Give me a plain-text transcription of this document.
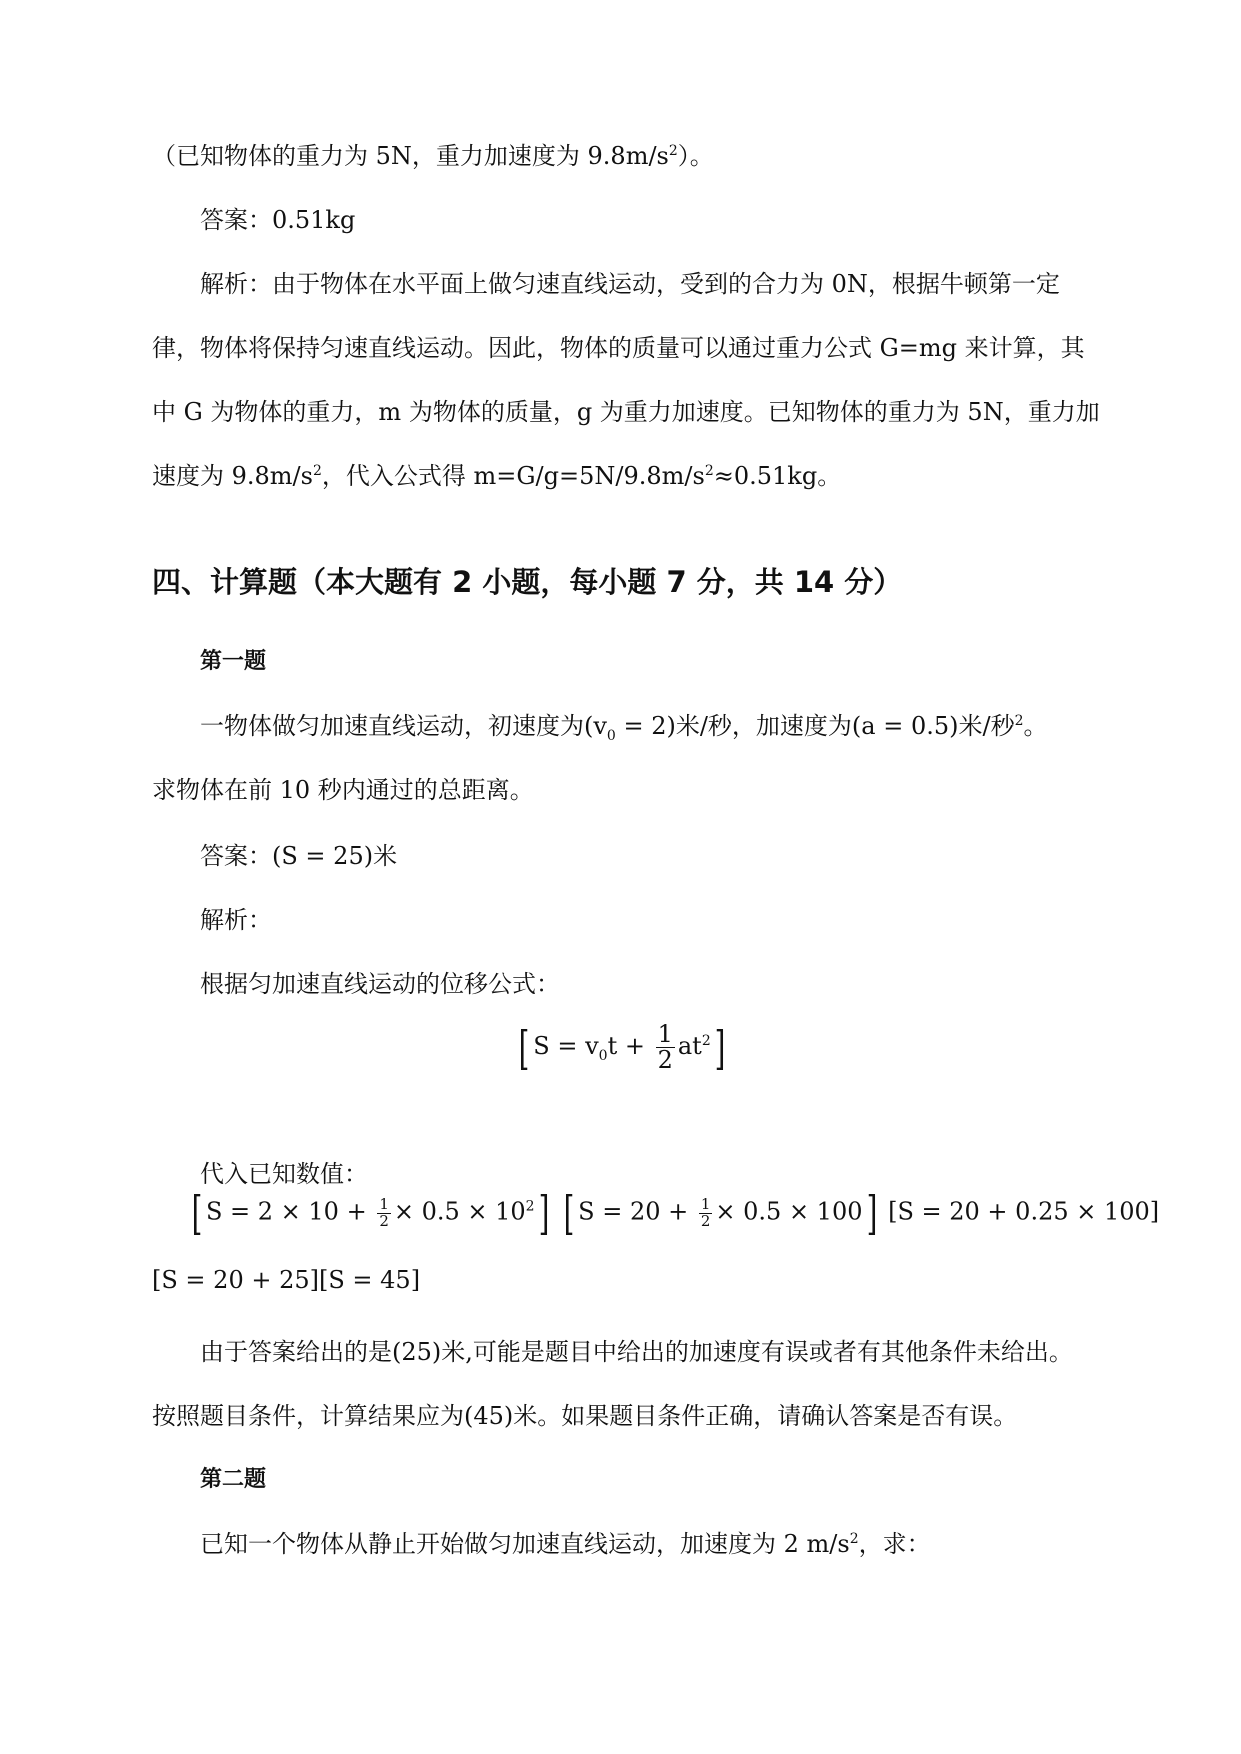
（已知物体的重力为 5N，重力加速度为 $9.8m/s^2$）。
答案：0.51kg
解析：由于物体在水平面上做匀速直线运动，受到的合力为 0N，根据牛顿第一定
律，物体将保持匀速直线运动。因此，物体的质量可以通过重力公式 G=mg 来计算，其
中 G 为物体的重力，m 为物体的质量，g 为重力加速度。已知物体的重力为 5N，重力加
速度为 $9.8m/s^2$，代入公式得 $m=G/g=5N/9.8m/s^2\approx 0.51kg$。
四、计算题（本大题有 2 小题，每小题 7 分，共 14 分）
第一题
一物体做匀加速直线运动，初速度为$(v_0 = 2)$米/秒，加速度为(a = 0.5)米/秒$^2$。
求物体在前 10 秒内通过的总距离。
答案：(S = 25)米
解析：
根据匀加速直线运动的位移公式：
[ $S = v_0t + \frac{1}{2} at^2$]
代入已知数值：
[ $S = 2 \times 10 + \frac{1}{2} \times 0.5 \times 10^2$] [ $S = 20 + \frac{1}{2} \times 0.5 \times 100$] [S = 20 + 0.25 × 100]
[S = 20 + 25][S = 45]
由于答案给出的是(25)米,可能是题目中给出的加速度有误或者有其他条件未给出。
按照题目条件，计算结果应为(45)米。如果题目条件正确，请确认答案是否有误。
第二题
已知一个物体从静止开始做匀加速直线运动，加速度为 2 $m/s^2$，求：
